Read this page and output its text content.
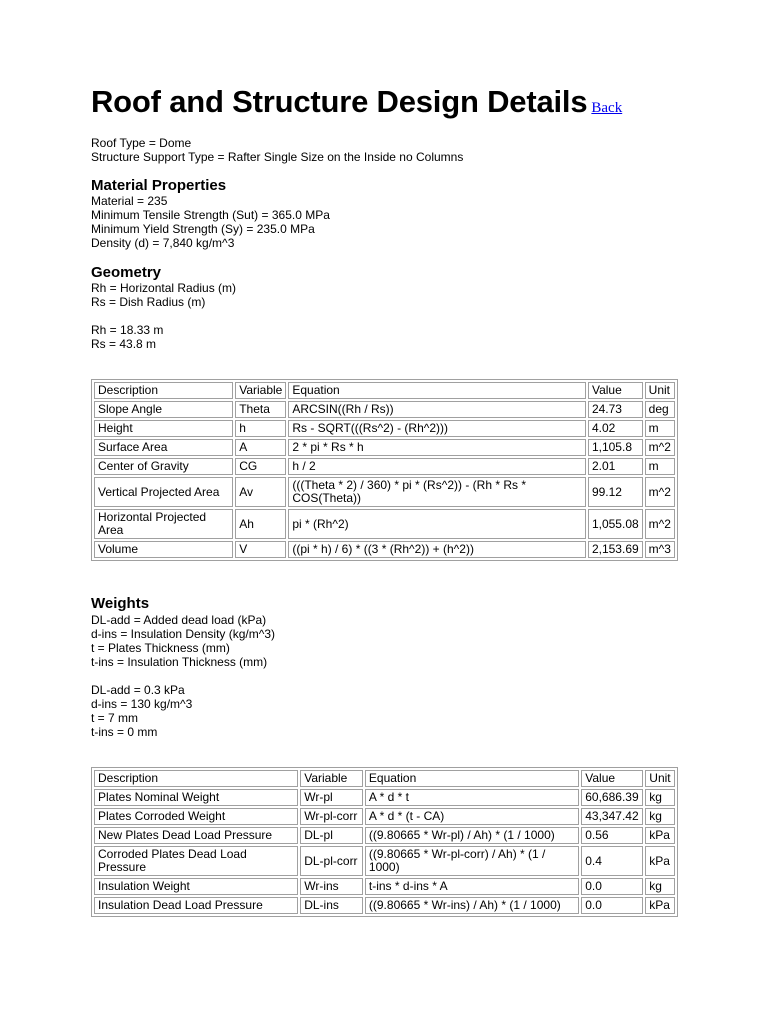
Roof and Structure Design Details Back
Roof Type = Dome
Structure Support Type = Rafter Single Size on the Inside no Columns
Material Properties
Material = 235
Minimum Tensile Strength (Sut) = 365.0 MPa
Minimum Yield Strength (Sy) = 235.0 MPa
Density (d) = 7,840 kg/m^3
Geometry
Rh = Horizontal Radius (m)
Rs = Dish Radius (m)
Rh = 18.33 m
Rs = 43.8 m
Description	Variable	Equation	Value	Unit
Slope Angle	Theta	ARCSIN((Rh / Rs))	24.73	deg
Height	h	Rs - SQRT(((Rs^2) - (Rh^2)))	4.02	m
Surface Area	A	2 * pi * Rs * h	1,105.8	m^2
Center of Gravity	CG	h / 2	2.01	m
Vertical Projected Area	Av	(((Theta * 2) / 360) * pi * (Rs^2)) - (Rh * Rs * COS(Theta))	99.12	m^2
Horizontal Projected Area	Ah	pi * (Rh^2)	1,055.08	m^2
Volume	V	((pi * h) / 6) * ((3 * (Rh^2)) + (h^2))	2,153.69	m^3
Weights
DL-add = Added dead load (kPa)
d-ins = Insulation Density (kg/m^3)
t = Plates Thickness (mm)
t-ins = Insulation Thickness (mm)
DL-add = 0.3 kPa
d-ins = 130 kg/m^3
t = 7 mm
t-ins = 0 mm
Description	Variable	Equation	Value	Unit
Plates Nominal Weight	Wr-pl	A * d * t	60,686.39	kg
Plates Corroded Weight	Wr-pl-corr	A * d * (t - CA)	43,347.42	kg
New Plates Dead Load Pressure	DL-pl	((9.80665 * Wr-pl) / Ah) * (1 / 1000)	0.56	kPa
Corroded Plates Dead Load Pressure	DL-pl-corr	((9.80665 * Wr-pl-corr) / Ah) * (1 / 1000)	0.4	kPa
Insulation Weight	Wr-ins	t-ins * d-ins * A	0.0	kg
Insulation Dead Load Pressure	DL-ins	((9.80665 * Wr-ins) / Ah) * (1 / 1000)	0.0	kPa
